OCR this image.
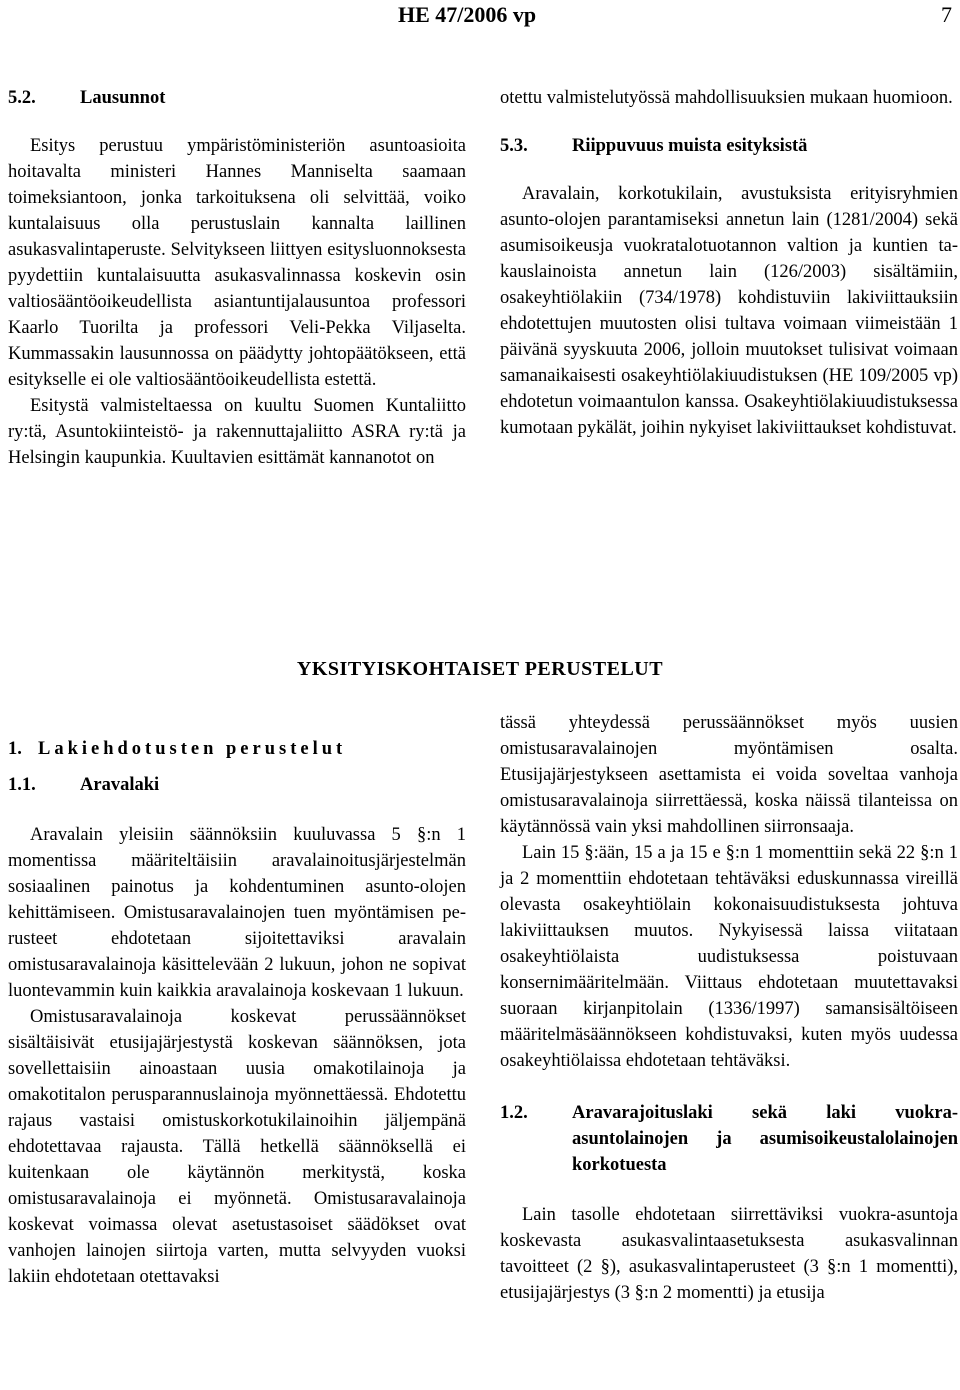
HE 47/2006 vp	7
5.2. Lausunnot

Esitys perustuu ympäristöministeriön asuntoasioita hoitavalta ministeri Hannes Manniselta saamaan toimeksiantoon, jonka tarkoituksena oli selvittää, voiko kuntalaisuus olla perustuslain kannalta laillinen asukasvalintaperuste. Selvitykseen liittyen esitysluonnoksesta pyydettiin kuntalaisuutta asukasvalinnassa koskevin osin valtiosääntöoikeudellista asiantuntijalausuntoa professori Kaarlo Tuorilta ja professori Veli-Pekka Viljaselta. Kummassakin lausunnossa on päädytty johtopäätökseen, että esitykselle ei ole valtiosääntöoikeudellista estettä.

Esitystä valmisteltaessa on kuultu Suomen Kuntaliitto ry:tä, Asuntokiinteistö- ja rakennuttajaliitto ASRA ry:tä ja Helsingin kaupunkia. Kuultavien esittämät kannanotot on

otettu valmistelutyössä mahdollisuuksien mukaan huomioon.

5.3. Riippuvuus muista esityksistä

Aravalain, korkotukilain, avustuksista erityisryhmien asunto-olojen parantamiseksi annetun lain (1281/2004) sekä asumisoikeusja vuokratalotuotannon valtion ja kuntien takauslainoista annetun lain (126/2003) sisältämiin, osakeyhtiölakiin (734/1978) kohdistuviin lakiviittauksiin ehdotettujen muutosten olisi tultava voimaan viimeistään 1 päivänä syyskuuta 2006, jolloin muutokset tulisivat voimaan samanaikaisesti osakeyhtiölakiuudistuksen (HE 109/2005 vp) ehdotetun voimaantulon kanssa. Osakeyhtiölakiuudistuksessa kumotaan pykälät, joihin nykyiset lakiviittaukset kohdistuvat.

YKSITYISKOHTAISET PERUSTELUT
1. Lakiehdotusten perustelut
1.1. Aravalaki

Aravalain yleisiin säännöksiin kuuluvassa 5 §:n 1 momentissa määriteltäisiin aravalainoitusjärjestelmän sosiaalinen painotus ja kohdentuminen asunto-olojen kehittämiseen. Omistusaravalainojen tuen myöntämisen perusteet ehdotetaan sijoitettaviksi aravalain omistusaravalainoja käsittelevään 2 lukuun, johon ne sopivat luontevammin kuin kaikkia aravalainoja koskevaan 1 lukuun.

Omistusaravalainoja koskevat perussäännökset sisältäisivät etusijajärjestystä koskevan säännöksen, jota sovellettaisiin ainoastaan uusia omakotilainoja ja omakotitalon perusparannuslainoja myönnettäessä. Ehdotettu rajaus vastaisi omistuskorkotukilainoihin jäljempänä ehdotettavaa rajausta. Tällä hetkellä säännöksellä ei kuitenkaan ole käytännön merkitystä, koska omistusaravalainoja ei myönnetä. Omistusaravalainoja koskevat voimassa olevat asetustasoiset säädökset ovat vanhojen lainojen siirtoja varten, mutta selvyyden vuoksi lakiin ehdotetaan otettavaksi

tässä yhteydessä perussäännökset myös uusien omistusaravalainojen myöntämisen osalta. Etusijajärjestykseen asettamista ei voida soveltaa vanhoja omistusaravalainoja siirrettäessä, koska näissä tilanteissa on käytännössä vain yksi mahdollinen siirronsaaja.

Lain 15 §:ään, 15 a ja 15 e §:n 1 momenttiin sekä 22 §:n 1 ja 2 momenttiin ehdotetaan tehtäväksi eduskunnassa vireillä olevasta osakeyhtiölain kokonaisuudistuksesta johtuva lakiviittauksen muutos. Nykyisessä laissa viitataan osakeyhtiölaista uudistuksessa poistuvaan konsernimääritelmään. Viittaus ehdotetaan muutettavaksi suoraan kirjanpitolain (1336/1997) samansisältöiseen määritelmäsäännökseen kohdistuvaksi, kuten myös uudessa osakeyhtiölaissa ehdotetaan tehtäväksi.

1.2.	Aravarajoituslaki sekä laki vuokraasuntolainojen ja asumisoikeustalolainojen korkotuesta

Lain tasolle ehdotetaan siirrettäviksi vuokra-asuntoja koskevasta asukasvalintaasetuksesta asukasvalinnan tavoitteet (2 §), asukasvalintaperusteet (3 §:n 1 momentti), etusijajärjestys (3 §:n 2 momentti) ja etusija
